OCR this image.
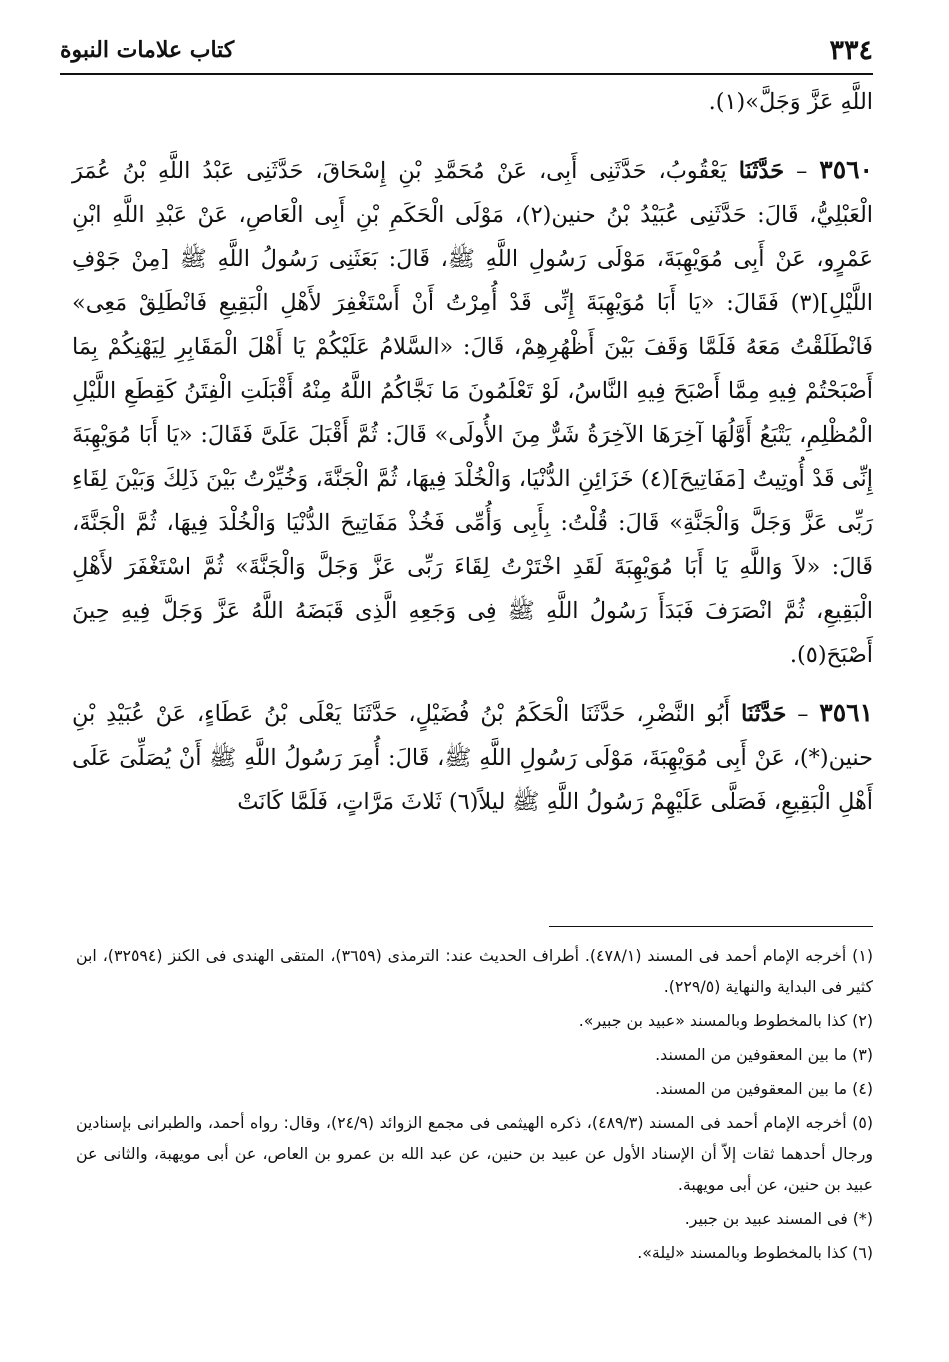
٣٣٤
كتاب علامات النبوة

اللَّهِ عَزَّ وَجَلَّ»(١).

٣٥٦٠ – حَدَّثَنَا يَعْقُوبُ، حَدَّثَنِى أَبِى، عَنْ مُحَمَّدِ بْنِ إِسْحَاقَ، حَدَّثَنِى عَبْدُ اللَّهِ بْنُ عُمَرَ الْعَبْلِيُّ، قَالَ: حَدَّثَنِى عُبَيْدُ بْنُ حنين(٢)، مَوْلَى الْحَكَمِ بْنِ أَبِى الْعَاصِ، عَنْ عَبْدِ اللَّهِ ابْنِ عَمْرٍو، عَنْ أَبِى مُوَيْهِبَةَ، مَوْلَى رَسُولِ اللَّهِ ﷺ، قَالَ: بَعَثَنِى رَسُولُ اللَّهِ ﷺ [مِنْ جَوْفِ اللَّيْلِ](٣) فَقَالَ: «يَا أَبَا مُوَيْهِبَةَ إِنِّى قَدْ أُمِرْتُ أَنْ أَسْتَغْفِرَ لأَهْلِ الْبَقِيعِ فَانْطَلِقْ مَعِى» فَانْطَلَقْتُ مَعَهُ فَلَمَّا وَقَفَ بَيْنَ أَظْهُرِهِمْ، قَالَ: «السَّلامُ عَلَيْكُمْ يَا أَهْلَ الْمَقَابِرِ لِيَهْنِكُمْ بِمَا أَصْبَحْتُمْ فِيهِ مِمَّا أَصْبَحَ فِيهِ النَّاسُ، لَوْ تَعْلَمُونَ مَا نَجَّاكُمُ اللَّهُ مِنْهُ أَقْبَلَتِ الْفِتَنُ كَقِطَعِ اللَّيْلِ الْمُظْلِمِ، يَتْبَعُ أَوَّلُهَا آخِرَهَا الآخِرَةُ شَرٌّ مِنَ الأُولَى» قَالَ: ثُمَّ أَقْبَلَ عَلَىَّ فَقَالَ: «يَا أَبَا مُوَيْهِبَةَ إِنِّى قَدْ أُوتِيتُ [مَفَاتِيحَ](٤) خَزَائِنِ الدُّنْيَا، وَالْخُلْدَ فِيهَا، ثُمَّ الْجَنَّةَ، وَخُيِّرْتُ بَيْنَ ذَلِكَ وَبَيْنَ لِقَاءِ رَبِّى عَزَّ وَجَلَّ وَالْجَنَّةِ» قَالَ: قُلْتُ: بِأَبِى وَأُمِّى فَخُذْ مَفَاتِيحَ الدُّنْيَا وَالْخُلْدَ فِيهَا، ثُمَّ الْجَنَّةَ، قَالَ: «لاَ وَاللَّهِ يَا أَبَا مُوَيْهِبَةَ لَقَدِ اخْتَرْتُ لِقَاءَ رَبِّى عَزَّ وَجَلَّ وَالْجَنَّةَ» ثُمَّ اسْتَغْفَرَ لأَهْلِ الْبَقِيعِ، ثُمَّ انْصَرَفَ فَبَدَأَ رَسُولُ اللَّهِ ﷺ فِى وَجَعِهِ الَّذِى قَبَضَهُ اللَّهُ عَزَّ وَجَلَّ فِيهِ حِينَ أَصْبَحَ(٥).

٣٥٦١ – حَدَّثَنَا أَبُو النَّضْرِ، حَدَّثَنَا الْحَكَمُ بْنُ فُضَيْلٍ، حَدَّثَنَا يَعْلَى بْنُ عَطَاءٍ، عَنْ عُبَيْدِ بْنِ حنين(*)، عَنْ أَبِى مُوَيْهِبَةَ، مَوْلَى رَسُولِ اللَّهِ ﷺ، قَالَ: أُمِرَ رَسُولُ اللَّهِ ﷺ أَنْ يُصَلِّىَ عَلَى أَهْلِ الْبَقِيعِ، فَصَلَّى عَلَيْهِمْ رَسُولُ اللَّهِ ﷺ ليلاً(٦) ثَلاثَ مَرَّاتٍ، فَلَمَّا كَانَتْ

(١) أخرجه الإمام أحمد فى المسند (٤٧٨/١). أطراف الحديث عند: الترمذى (٣٦٥٩)، المتقى الهندى فى الكنز (٣٢٥٩٤)، ابن كثير فى البداية والنهاية (٢٢٩/٥).

(٢) كذا بالمخطوط وبالمسند «عبيد بن جبير».

(٣) ما بين المعقوفين من المسند.

(٤) ما بين المعقوفين من المسند.

(٥) أخرجه الإمام أحمد فى المسند (٤٨٩/٣)، ذكره الهيثمى فى مجمع الزوائد (٢٤/٩)، وقال: رواه أحمد، والطبرانى بإسنادين ورجال أحدهما ثقات إلاّ أن الإسناد الأول عن عبيد بن حنين، عن عبد الله بن عمرو بن العاص، عن أبى مويهبة، والثانى عن عبيد بن حنين، عن أبى مويهبة.

(*) فى المسند عبيد بن جبير.

(٦) كذا بالمخطوط وبالمسند «ليلة».
